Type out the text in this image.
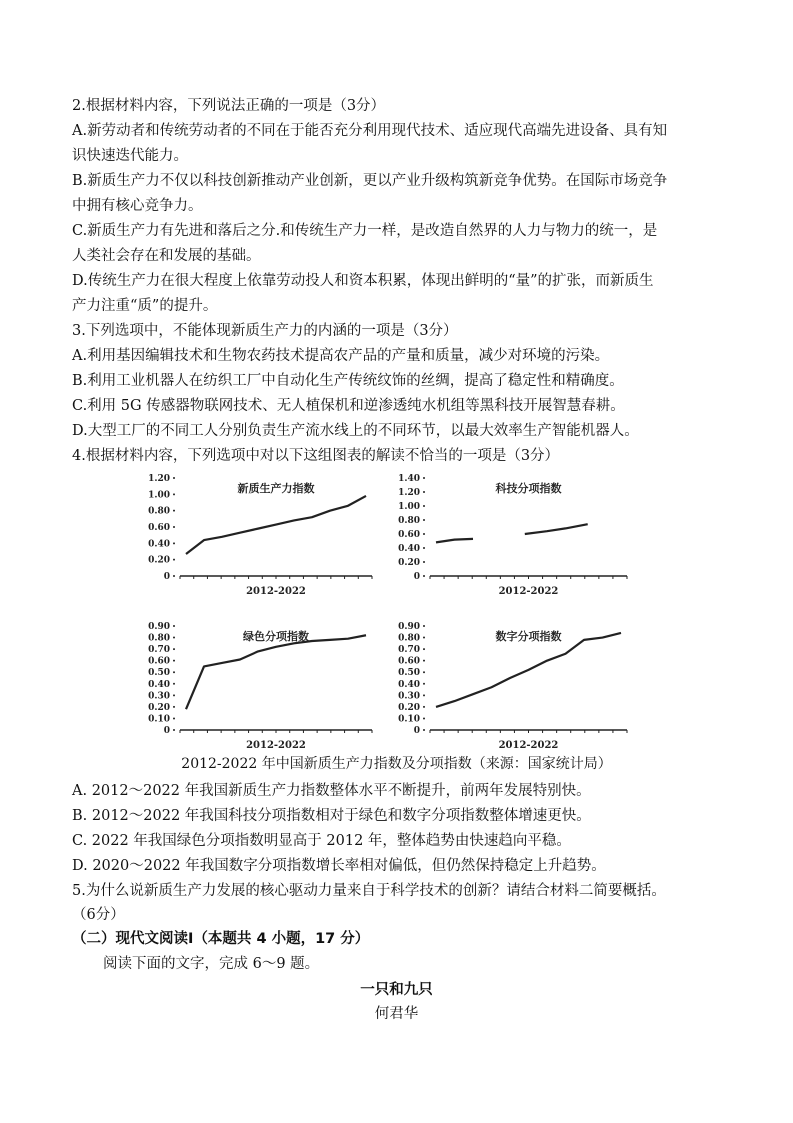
2.根据材料内容，下列说法正确的一项是（3分）
A.新劳动者和传统劳动者的不同在于能否充分利用现代技术、适应现代高端先进设备、具有知
识快速迭代能力。
B.新质生产力不仅以科技创新推动产业创新，更以产业升级构筑新竞争优势。在国际市场竞争
中拥有核心竞争力。
C.新质生产力有先进和落后之分.和传统生产力一样，是改造自然界的人力与物力的统一，是
人类社会存在和发展的基础。
D.传统生产力在很大程度上依靠劳动投人和资本积累，体现出鲜明的“量”的扩张，而新质生
产力注重“质”的提升。
3.下列选项中，不能体现新质生产力的内涵的一项是（3分）
A.利用基因编辑技术和生物农药技术提高农产品的产量和质量，减少对环境的污染。
B.利用工业机器人在纺织工厂中自动化生产传统纹饰的丝绸，提高了稳定性和精确度。
C.利用 5G 传感器物联网技术、无人植保机和逆渗透纯水机组等黑科技开展智慧春耕。
D.大型工厂的不同工人分别负责生产流水线上的不同环节，以最大效率生产智能机器人。
4.根据材料内容，下列选项中对以下这组图表的解读不恰当的一项是（3分）
0
0.20
0.40
0.60
0.80
1.00
1.20
新质生产力指数
2012-2022
0
0.20
0.40
0.60
0.80
1.00
1.20
1.40
科技分项指数
2012-2022
0
0.10
0.20
0.30
0.40
0.50
0.60
0.70
0.80
0.90
绿色分项指数
2012-2022
0
0.10
0.20
0.30
0.40
0.50
0.60
0.70
0.80
0.90
数字分项指数
2012-2022
2012-2022 年中国新质生产力指数及分项指数（来源：国家统计局）
A. 2012～2022 年我国新质生产力指数整体水平不断提升，前两年发展特别快。
B. 2012～2022 年我国科技分项指数相对于绿色和数字分项指数整体增速更快。
C. 2022 年我国绿色分项指数明显高于 2012 年，整体趋势由快速趋向平稳。
D. 2020～2022 年我国数字分项指数增长率相对偏低，但仍然保持稳定上升趋势。
5.为什么说新质生产力发展的核心驱动力量来自于科学技术的创新？请结合材料二简要概括。
（6分）
（二）现代文阅读Ⅰ（本题共 4 小题，17 分）
阅读下面的文字，完成 6～9 题。
一只和九只
何君华
